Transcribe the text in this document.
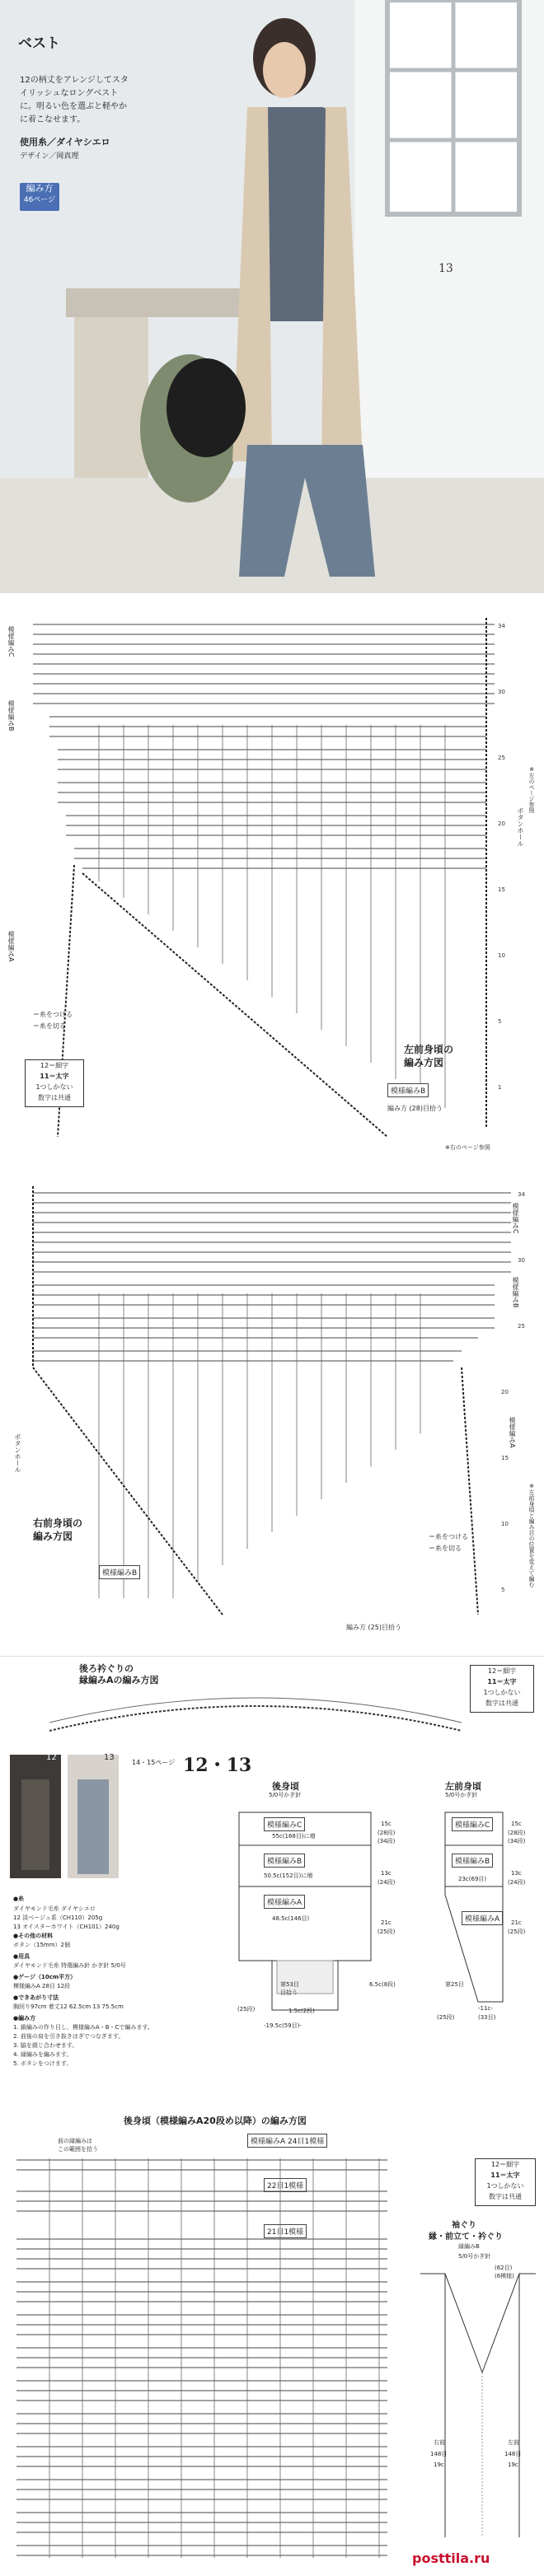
ベスト
12の柄丈をアレンジしてスタ
イリッシュなロングベスト
に。明るい色を選ぶと軽やか
に着こなせます。
使用糸／ダイヤシエロ
デザイン／岡真理
編み方
46ページ
13
34
30
25
20
15
10
5
1
模様編みC
模様編みB
模様編みA
ボタンホール
※左のページ参照
＝糸をつける
＝糸を切る
12＝細字
11＝太字
1つしかない
数字は共通
左前身頃の
編み方図
模様編みB
編み方 (28)目拾う
※右のページ参照
34
30
25
20
15
10
5
模様編みC
模様編みB
模様編みA
ボタンホール
※左前身頃と編み目の位置を変えて編む
右前身頃の
編み方図
模様編みB
＝糸をつける
＝糸を切る
編み方 (25)目拾う
後ろ衿ぐりの
縁編みAの編み方図
12＝細字
11＝太字
1つしかない
数字は共通
12	13
14・15ページ 12・13
●糸
ダイヤモンド毛糸 ダイヤシエロ
12 淡ベージュ系（CH110）205g
13 オイスターホワイト（CH101）240g
●その他の材料
ボタン（15mm）2個
●用具
ダイヤモンド毛糸 特選編み針 かぎ針 5/0号
●ゲージ（10cm平方）
模様編みA 28目 12段
●できあがり寸法
胸回り97cm 着丈12 62.5cm 13 75.5cm
●編み方
1. 鎖編みの作り目し、模様編みA・B・Cで編みます。
2. 前後の肩を引き抜きはぎでつなぎます。
3. 脇を綴じ合わせます。
4. 縁編みを編みます。
5. ボタンをつけます。
後身頃
5/0号かぎ針
模様編みC
55c(168目)に増
模様編みB
50.5c(152目)に増
模様編みA
48.5c(146目)
第53目
目拾う
(25段)
-19.5c(59目)-
1.5c(2段)
6.5c(8段)
15c
(28段)
(34段)
13c
(24段)
21c
(25段)
左前身頃
5/0号かぎ針
模様編みC
模様編みB
23c(69目)
模様編みA
第25目
-11c-
(33目)
(25段)
15c
(28段)
(34段)
13c
(24段)
21c
(25段)
後身頃（模様編みA20段め以降）の編み方図
前の縁編みは
この範囲を拾う
模様編みA 24目1模様
22目1模様
21目1模様
12＝細字
11＝太字
1つしかない
数字は共通
袖ぐり
縁・前立て・衿ぐり
縁編みB
5/0号かぎ針
(62目)
(6模様)
右前	左前
148目	148目
19c	19c
posttila.ru
